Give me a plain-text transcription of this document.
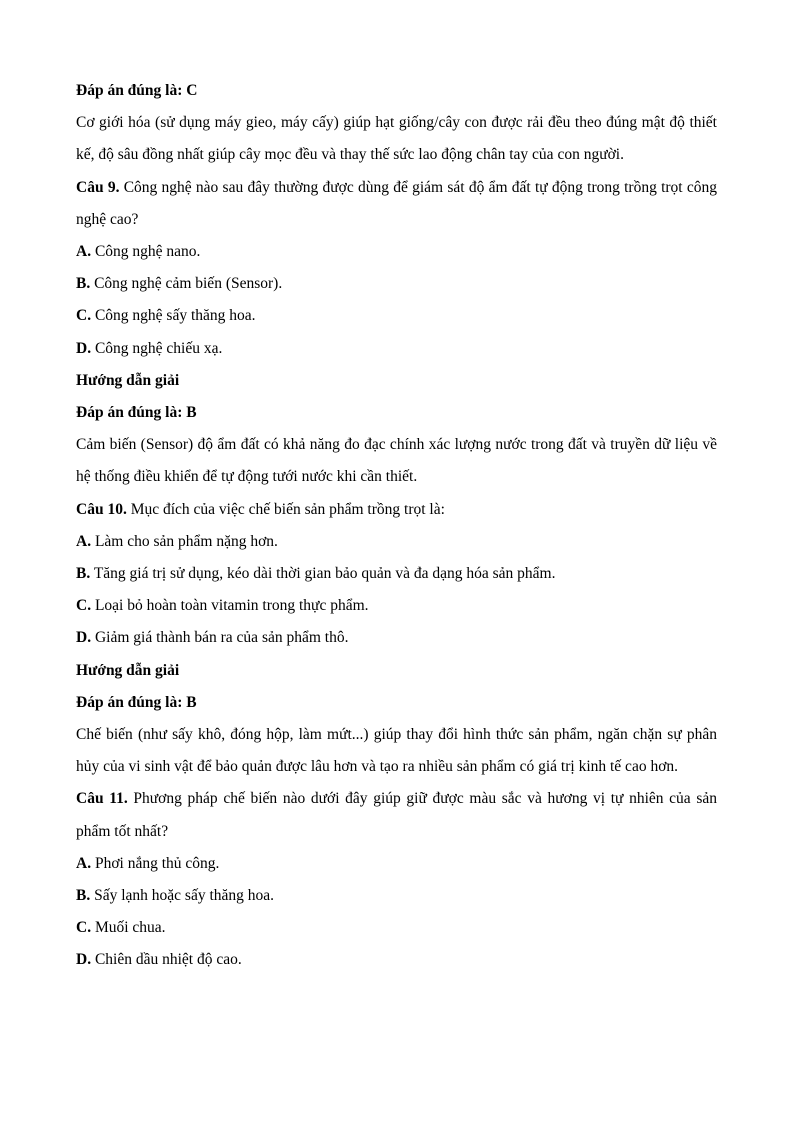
Đáp án đúng là: C

Cơ giới hóa (sử dụng máy gieo, máy cấy) giúp hạt giống/cây con được rải đều theo đúng mật độ thiết kế, độ sâu đồng nhất giúp cây mọc đều và thay thế sức lao động chân tay của con người.

Câu 9. Công nghệ nào sau đây thường được dùng để giám sát độ ẩm đất tự động trong trồng trọt công nghệ cao?

A. Công nghệ nano.

B. Công nghệ cảm biến (Sensor).

C. Công nghệ sấy thăng hoa.

D. Công nghệ chiếu xạ.

Hướng dẫn giải

Đáp án đúng là: B

Cảm biến (Sensor) độ ẩm đất có khả năng đo đạc chính xác lượng nước trong đất và truyền dữ liệu về hệ thống điều khiển để tự động tưới nước khi cần thiết.

Câu 10. Mục đích của việc chế biến sản phẩm trồng trọt là:

A. Làm cho sản phẩm nặng hơn.

B. Tăng giá trị sử dụng, kéo dài thời gian bảo quản và đa dạng hóa sản phẩm.

C. Loại bỏ hoàn toàn vitamin trong thực phẩm.

D. Giảm giá thành bán ra của sản phẩm thô.

Hướng dẫn giải

Đáp án đúng là: B

Chế biến (như sấy khô, đóng hộp, làm mứt...) giúp thay đổi hình thức sản phẩm, ngăn chặn sự phân hủy của vi sinh vật để bảo quản được lâu hơn và tạo ra nhiều sản phẩm có giá trị kinh tế cao hơn.

Câu 11. Phương pháp chế biến nào dưới đây giúp giữ được màu sắc và hương vị tự nhiên của sản phẩm tốt nhất?

A. Phơi nắng thủ công.

B. Sấy lạnh hoặc sấy thăng hoa.

C. Muối chua.

D. Chiên dầu nhiệt độ cao.
